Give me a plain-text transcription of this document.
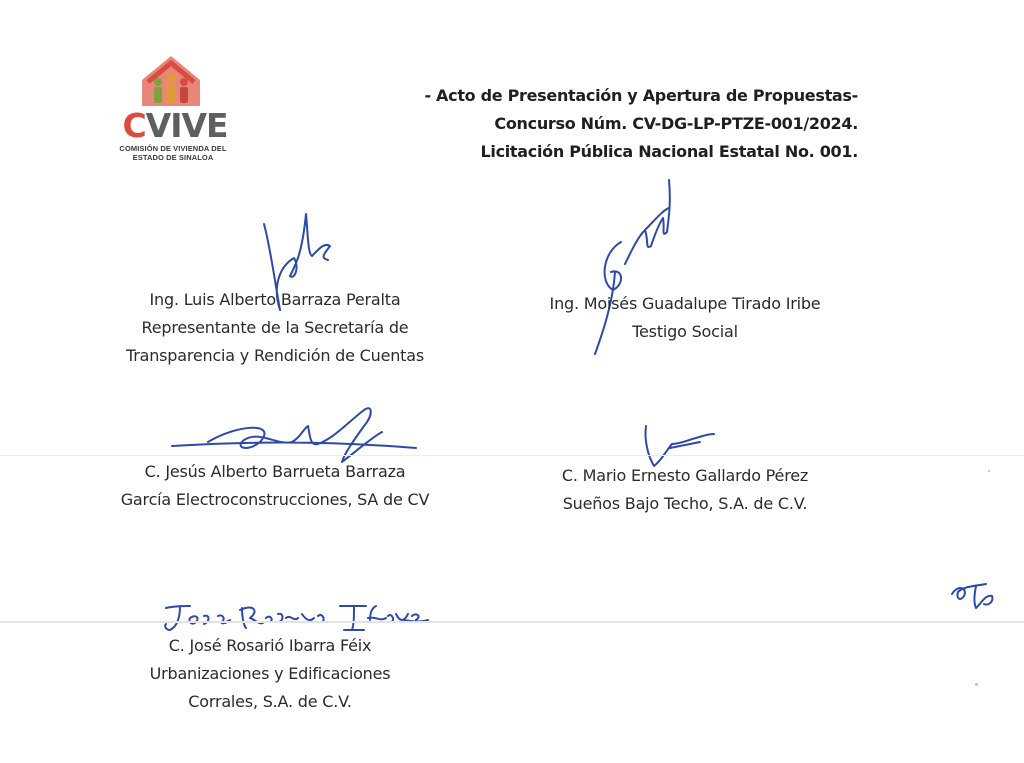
CVIVE
COMISIÓN DE VIVIENDA DEL
ESTADO DE SINALOA
- Acto de Presentación y Apertura de Propuestas-
Concurso Núm. CV-DG-LP-PTZE-001/2024.
Licitación Pública Nacional Estatal No. 001.
Ing. Luis Alberto Barraza Peralta
Representante de la Secretaría de
Transparencia y Rendición de Cuentas
Ing. Moisés Guadalupe Tirado Iribe
Testigo Social
C. Jesús Alberto Barrueta Barraza
García Electroconstrucciones, SA de CV
C. Mario Ernesto Gallardo Pérez
Sueños Bajo Techo, S.A. de C.V.
C. José Rosarió Ibarra Féix
Urbanizaciones y Edificaciones
Corrales, S.A. de C.V.
